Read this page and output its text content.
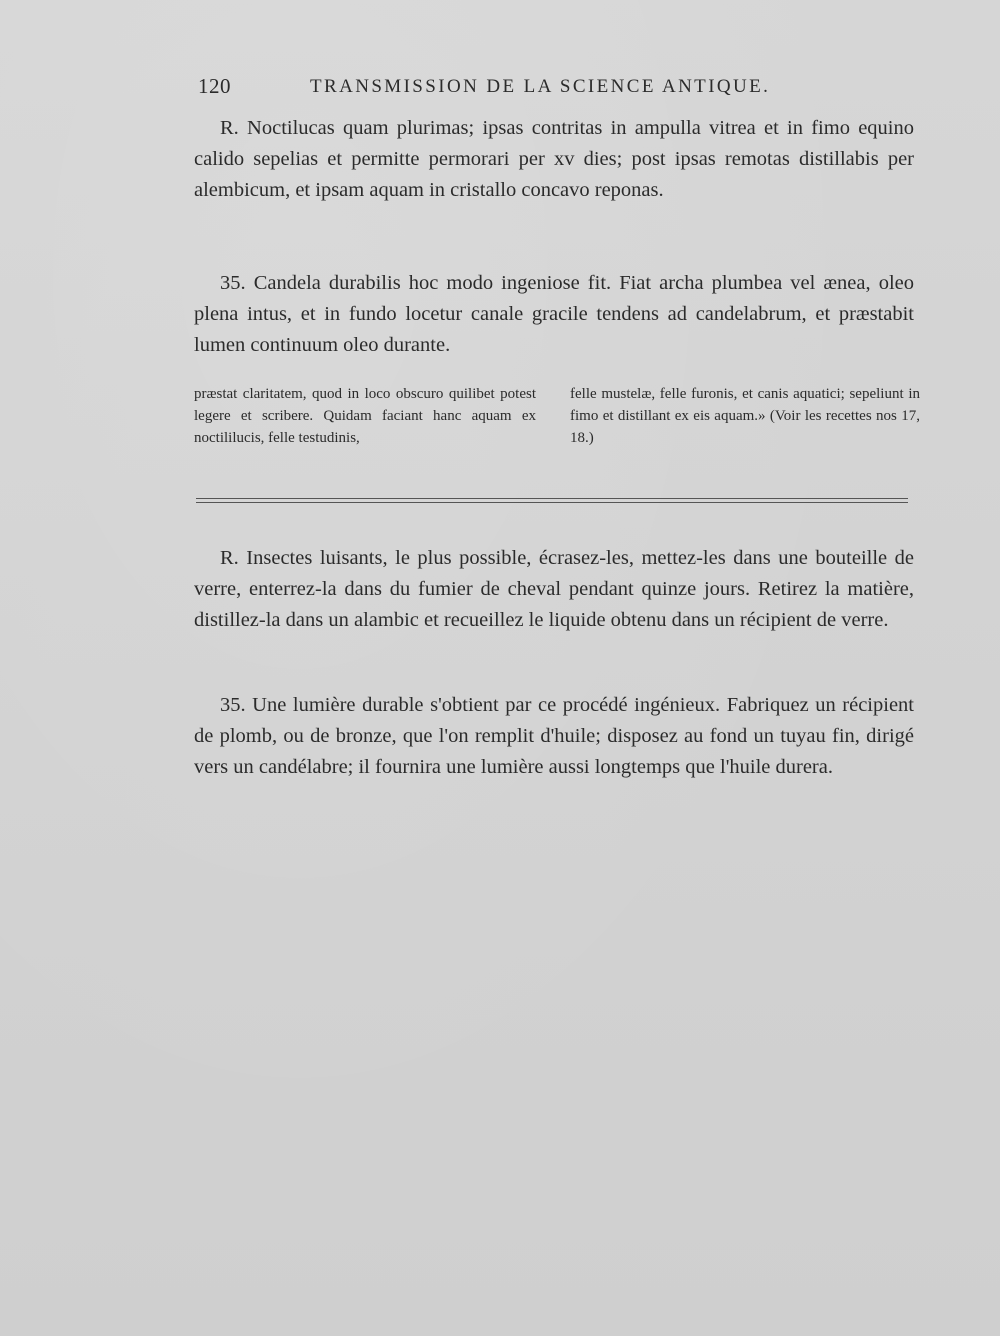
120	TRANSMISSION DE LA SCIENCE ANTIQUE.

R. Noctilucas quam plurimas; ipsas contritas in ampulla vitrea et in fimo equino calido sepelias et permitte permorari per xv dies; post ipsas remotas distillabis per alembicum, et ipsam aquam in cristallo concavo reponas.

35. Candela durabilis hoc modo ingeniose fit. Fiat archa plumbea vel ænea, oleo plena intus, et in fundo locetur canale gracile tendens ad candelabrum, et præstabit lumen continuum oleo durante.

præstat claritatem, quod in loco obscuro quilibet potest legere et scribere. Quidam faciant hanc aquam ex noctililucis, felle testudinis,

felle mustelæ, felle furonis, et canis aquatici; sepeliunt in fimo et distillant ex eis aquam.» (Voir les recettes nos 17, 18.)

R. Insectes luisants, le plus possible, écrasez-les, mettez-les dans une bouteille de verre, enterrez-la dans du fumier de cheval pendant quinze jours. Retirez la matière, distillez-la dans un alambic et recueillez le liquide obtenu dans un récipient de verre.

35. Une lumière durable s'obtient par ce procédé ingénieux. Fabriquez un récipient de plomb, ou de bronze, que l'on remplit d'huile; disposez au fond un tuyau fin, dirigé vers un candélabre; il fournira une lumière aussi longtemps que l'huile durera.
